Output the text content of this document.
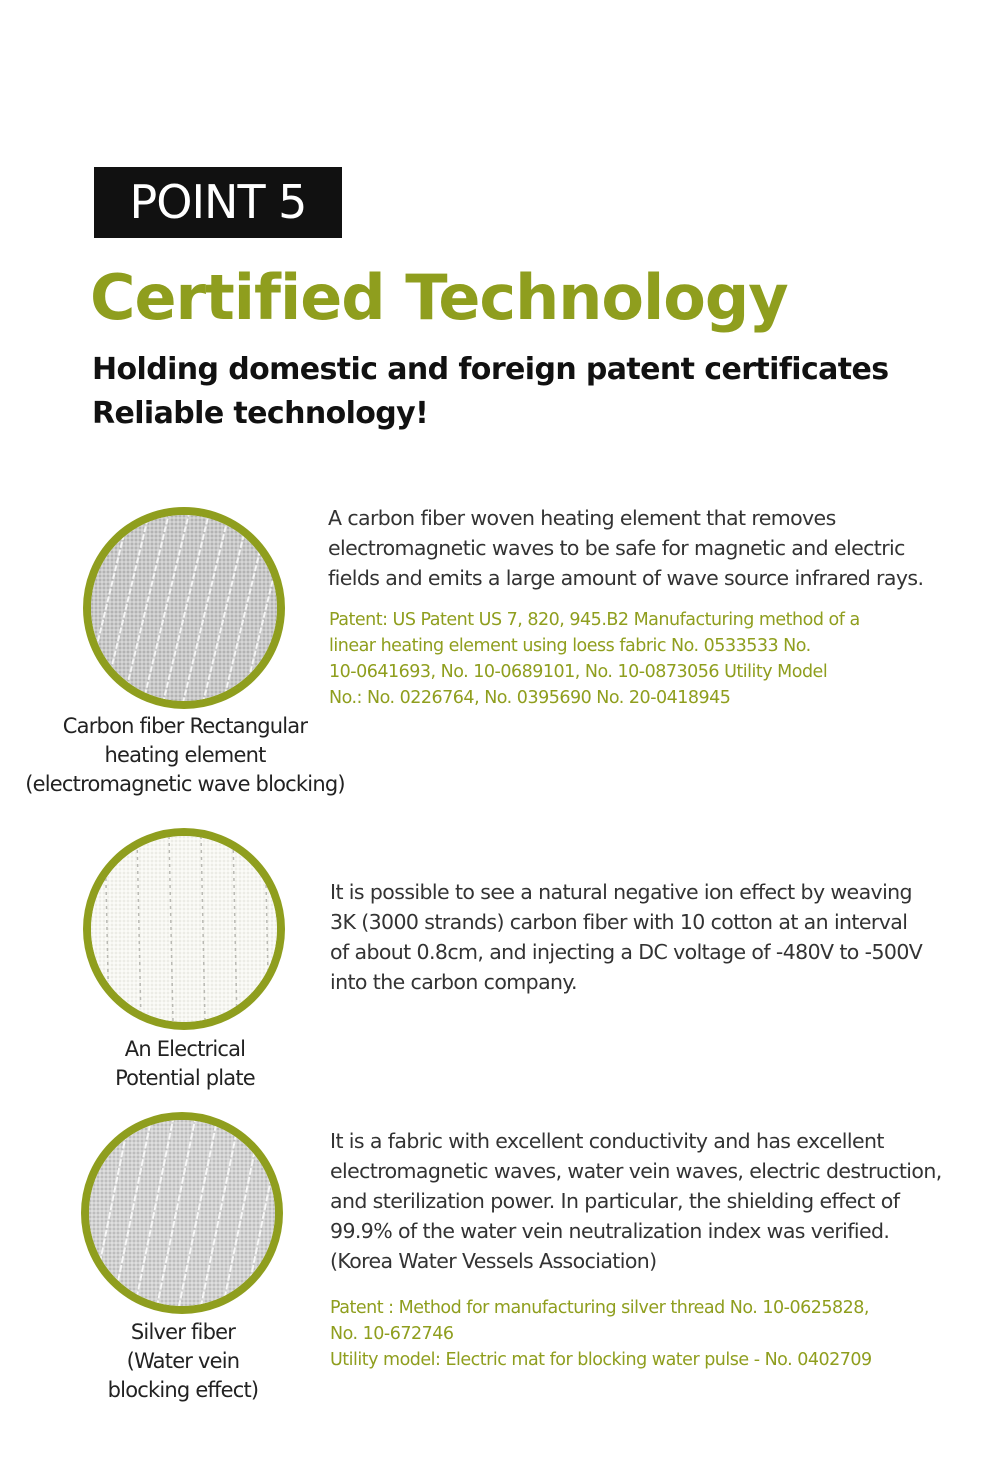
POINT 5
Certified Technology
Holding domestic and foreign patent certificates
Reliable technology!
Carbon fiber Rectangular
heating element
(electromagnetic wave blocking)
A carbon fiber woven heating element that removes
electromagnetic waves to be safe for magnetic and electric
fields and emits a large amount of wave source infrared rays.
Patent: US Patent US 7, 820, 945.B2 Manufacturing method of a
linear heating element using loess fabric No. 0533533 No.
10-0641693, No. 10-0689101, No. 10-0873056 Utility Model
No.: No. 0226764, No. 0395690 No. 20-0418945
An Electrical
Potential plate
It is possible to see a natural negative ion effect by weaving
3K (3000 strands) carbon fiber with 10 cotton at an interval
of about 0.8cm, and injecting a DC voltage of -480V to -500V
into the carbon company.
Silver fiber
(Water vein
blocking effect)
It is a fabric with excellent conductivity and has excellent
electromagnetic waves, water vein waves, electric destruction,
and sterilization power. In particular, the shielding effect of
99.9% of the water vein neutralization index was verified.
(Korea Water Vessels Association)
Patent : Method for manufacturing silver thread No. 10-0625828,
No. 10-672746
Utility model: Electric mat for blocking water pulse - No. 0402709
